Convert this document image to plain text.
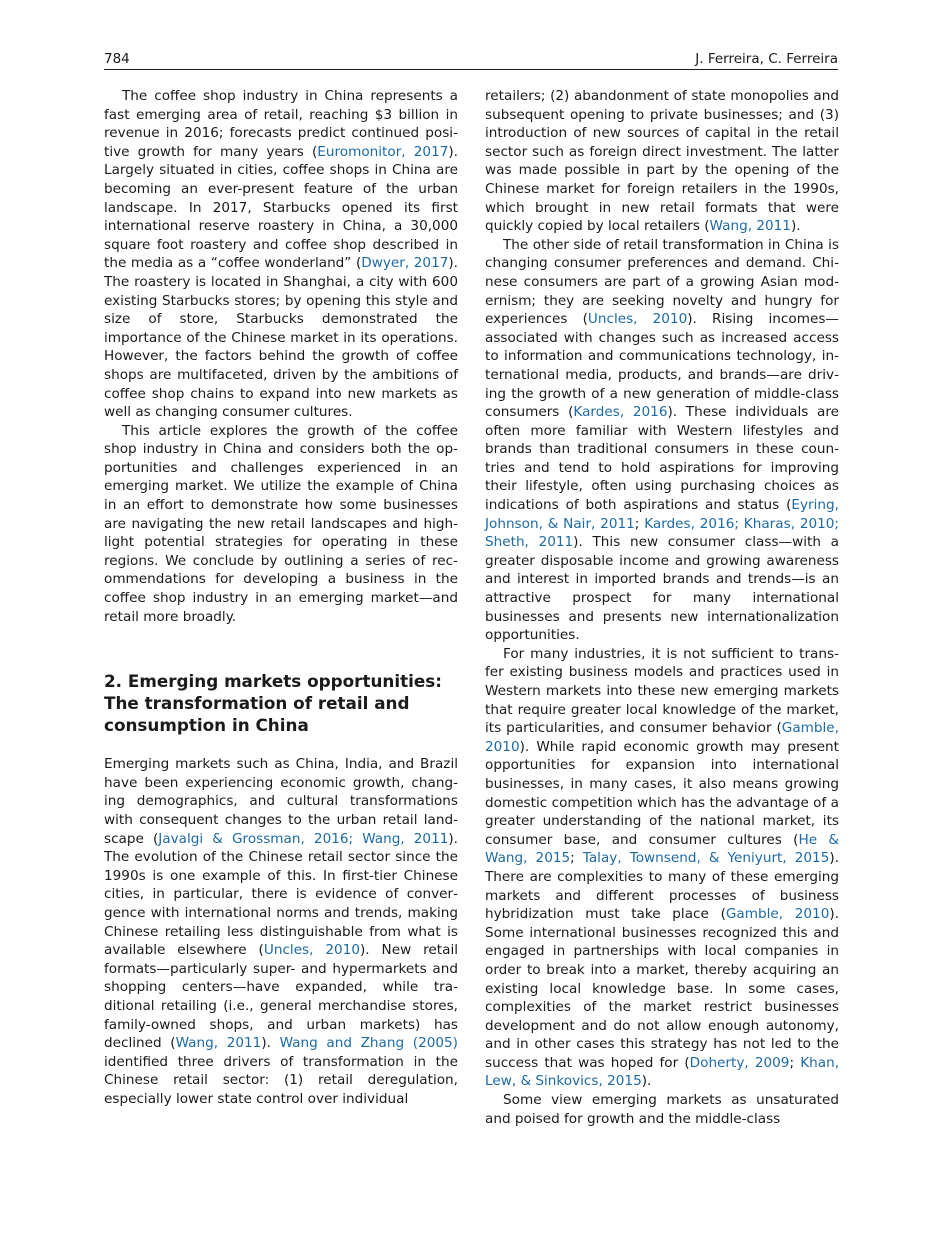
784	J. Ferreira, C. Ferreira

The coffee shop industry in China represents a fast emerging area of retail, reaching $3 billion in revenue in 2016; forecasts predict continued positive growth for many years (Euromonitor, 2017). Largely situated in cities, coffee shops in China are becoming an ever-present feature of the urban landscape. In 2017, Starbucks opened its first international reserve roastery in China, a 30,000 square foot roastery and coffee shop described in the media as a “coffee wonderland” (Dwyer, 2017). The roastery is located in Shanghai, a city with 600 existing Starbucks stores; by opening this style and size of store, Starbucks demonstrated the importance of the Chinese market in its operations. However, the factors behind the growth of coffee shops are multifaceted, driven by the ambitions of coffee shop chains to expand into new markets as well as changing consumer cultures.

This article explores the growth of the coffee shop industry in China and considers both the opportunities and challenges experienced in an emerging market. We utilize the example of China in an effort to demonstrate how some businesses are navigating the new retail landscapes and highlight potential strategies for operating in these regions. We conclude by outlining a series of recommendations for developing a business in the coffee shop industry in an emerging market—and retail more broadly.

2. Emerging markets opportunities:
The transformation of retail and
consumption in China

Emerging markets such as China, India, and Brazil have been experiencing economic growth, changing demographics, and cultural transformations with consequent changes to the urban retail landscape (Javalgi & Grossman, 2016; Wang, 2011). The evolution of the Chinese retail sector since the 1990s is one example of this. In first-tier Chinese cities, in particular, there is evidence of convergence with international norms and trends, making Chinese retailing less distinguishable from what is available elsewhere (Uncles, 2010). New retail formats—particularly super- and hypermarkets and shopping centers—have expanded, while traditional retailing (i.e., general merchandise stores, family-owned shops, and urban markets) has declined (Wang, 2011). Wang and Zhang (2005) identified three drivers of transformation in the Chinese retail sector: (1) retail deregulation, especially lower state control over individual

retailers; (2) abandonment of state monopolies and subsequent opening to private businesses; and (3) introduction of new sources of capital in the retail sector such as foreign direct investment. The latter was made possible in part by the opening of the Chinese market for foreign retailers in the 1990s, which brought in new retail formats that were quickly copied by local retailers (Wang, 2011).

The other side of retail transformation in China is changing consumer preferences and demand. Chinese consumers are part of a growing Asian modernism; they are seeking novelty and hungry for experiences (Uncles, 2010). Rising incomes—associated with changes such as increased access to information and communications technology, international media, products, and brands—are driving the growth of a new generation of middle-class consumers (Kardes, 2016). These individuals are often more familiar with Western lifestyles and brands than traditional consumers in these countries and tend to hold aspirations for improving their lifestyle, often using purchasing choices as indications of both aspirations and status (Eyring, Johnson, & Nair, 2011; Kardes, 2016; Kharas, 2010; Sheth, 2011). This new consumer class—with a greater disposable income and growing awareness and interest in imported brands and trends—is an attractive prospect for many international businesses and presents new internationalization opportunities.

For many industries, it is not sufficient to transfer existing business models and practices used in Western markets into these new emerging markets that require greater local knowledge of the market, its particularities, and consumer behavior (Gamble, 2010). While rapid economic growth may present opportunities for expansion into international businesses, in many cases, it also means growing domestic competition which has the advantage of a greater understanding of the national market, its consumer base, and consumer cultures (He & Wang, 2015; Talay, Townsend, & Yeniyurt, 2015). There are complexities to many of these emerging markets and different processes of business hybridization must take place (Gamble, 2010). Some international businesses recognized this and engaged in partnerships with local companies in order to break into a market, thereby acquiring an existing local knowledge base. In some cases, complexities of the market restrict businesses development and do not allow enough autonomy, and in other cases this strategy has not led to the success that was hoped for (Doherty, 2009; Khan, Lew, & Sinkovics, 2015).

Some view emerging markets as unsaturated and poised for growth and the middle-class
